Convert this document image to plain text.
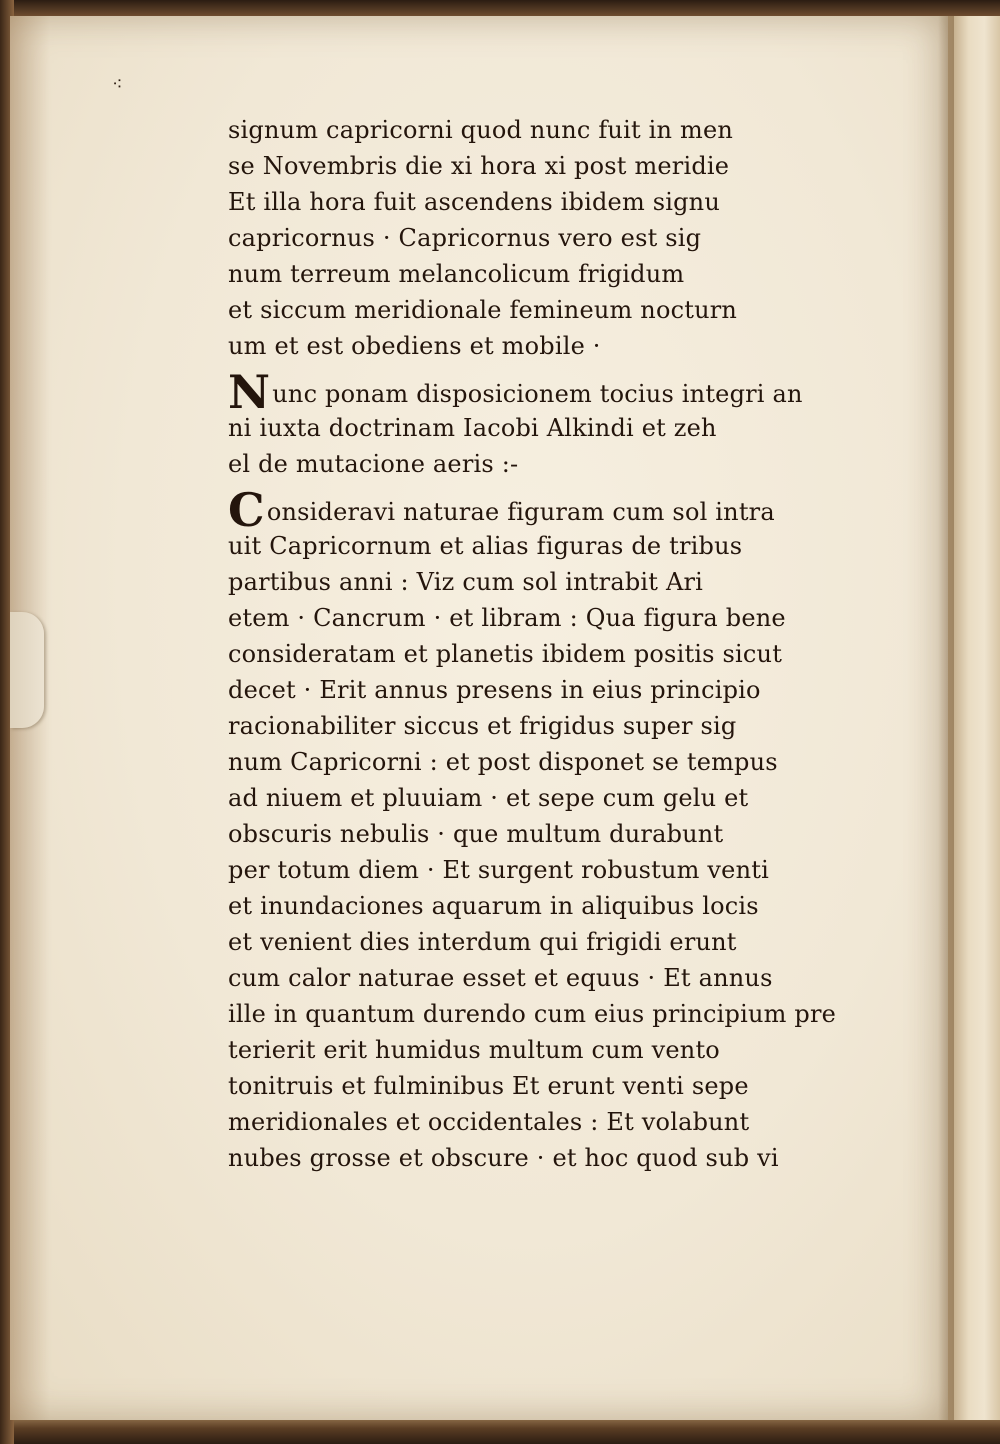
⁖
signum capricorni quod nunc fuit in men
se Novembris die xi hora xi post meridie
Et illa hora fuit ascendens ibidem signu
capricornus · Capricornus vero est sig
num terreum melancolicum frigidum
et siccum meridionale femineum nocturn
um et est obediens et mobile ·
Nunc ponam disposicionem tocius integri an
ni iuxta doctrinam Iacobi Alkindi et zeh
el de mutacione aeris :-
Consideravi naturae figuram cum sol intra
uit Capricornum et alias figuras de tribus
partibus anni : Viz cum sol intrabit Ari
etem · Cancrum · et libram : Qua figura bene
consideratam et planetis ibidem positis sicut
decet · Erit annus presens in eius principio
racionabiliter siccus et frigidus super sig
num Capricorni : et post disponet se tempus
ad niuem et pluuiam · et sepe cum gelu et
obscuris nebulis · que multum durabunt
per totum diem · Et surgent robustum venti
et inundaciones aquarum in aliquibus locis
et venient dies interdum qui frigidi erunt
cum calor naturae esset et equus · Et annus
ille in quantum durendo cum eius principium pre
terierit erit humidus multum cum vento
tonitruis et fulminibus Et erunt venti sepe
meridionales et occidentales : Et volabunt
nubes grosse et obscure · et hoc quod sub vi
